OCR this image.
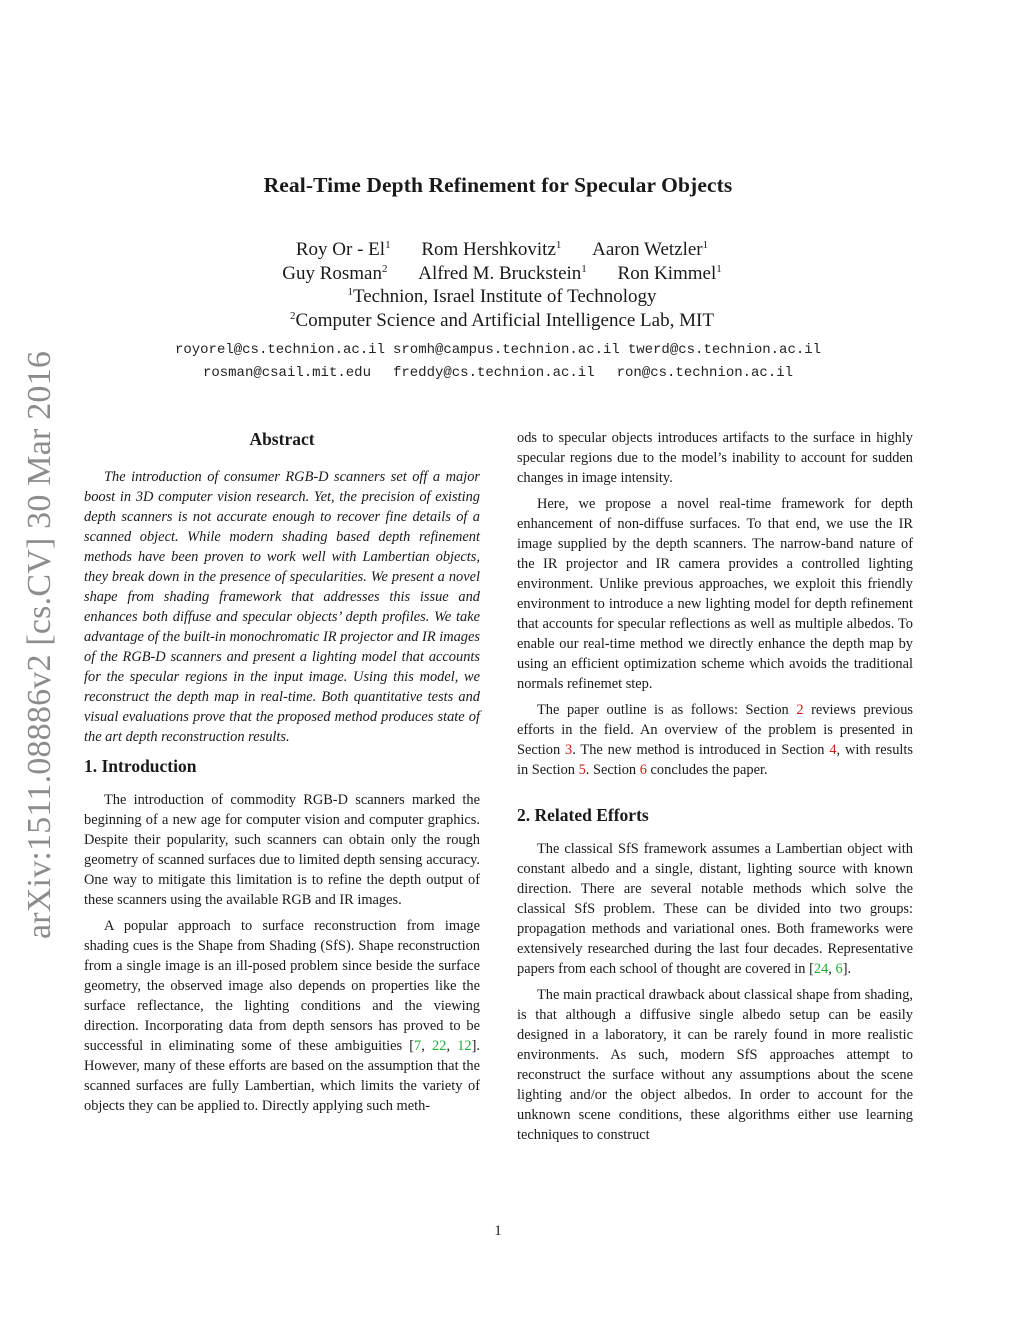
arXiv:1511.08886v2 [cs.CV] 30 Mar 2016
Real-Time Depth Refinement for Specular Objects
Roy Or - El$^1$ Rom Hershkovitz$^1$ Aaron Wetzler$^1$
Guy Rosman$^2$ Alfred M. Bruckstein$^1$ Ron Kimmel$^1$
$^1$Technion, Israel Institute of Technology
$^2$Computer Science and Artificial Intelligence Lab, MIT
royorel@cs.technion.ac.il sromh@campus.technion.ac.il twerd@cs.technion.ac.il
rosman@csail.mit.edu freddy@cs.technion.ac.il ron@cs.technion.ac.il
Abstract

The introduction of consumer RGB-D scanners set off a major boost in 3D computer vision research. Yet, the precision of existing depth scanners is not accurate enough to recover fine details of a scanned object. While modern shading based depth refinement methods have been proven to work well with Lambertian objects, they break down in the presence of specularities. We present a novel shape from shading framework that addresses this issue and enhances both diffuse and specular objects’ depth profiles. We take advantage of the built-in monochromatic IR projector and IR images of the RGB-D scanners and present a lighting model that accounts for the specular regions in the input image. Using this model, we reconstruct the depth map in real-time. Both quantitative tests and visual evaluations prove that the proposed method produces state of the art depth reconstruction results.

1. Introduction

The introduction of commodity RGB-D scanners marked the beginning of a new age for computer vision and computer graphics. Despite their popularity, such scanners can obtain only the rough geometry of scanned surfaces due to limited depth sensing accuracy. One way to mitigate this limitation is to refine the depth output of these scanners using the available RGB and IR images.

A popular approach to surface reconstruction from image shading cues is the Shape from Shading (SfS). Shape reconstruction from a single image is an ill-posed problem since beside the surface geometry, the observed image also depends on properties like the surface reflectance, the lighting conditions and the viewing direction. Incorporating data from depth sensors has proved to be successful in eliminating some of these ambiguities [7, 22, 12]. However, many of these efforts are based on the assumption that the scanned surfaces are fully Lambertian, which limits the variety of objects they can be applied to. Directly applying such meth-

ods to specular objects introduces artifacts to the surface in highly specular regions due to the model’s inability to account for sudden changes in image intensity.

Here, we propose a novel real-time framework for depth enhancement of non-diffuse surfaces. To that end, we use the IR image supplied by the depth scanners. The narrow-band nature of the IR projector and IR camera provides a controlled lighting environment. Unlike previous approaches, we exploit this friendly environment to introduce a new lighting model for depth refinement that accounts for specular reflections as well as multiple albedos. To enable our real-time method we directly enhance the depth map by using an efficient optimization scheme which avoids the traditional normals refinemet step.

The paper outline is as follows: Section 2 reviews previous efforts in the field. An overview of the problem is presented in Section 3. The new method is introduced in Section 4, with results in Section 5. Section 6 concludes the paper.

2. Related Efforts

The classical SfS framework assumes a Lambertian object with constant albedo and a single, distant, lighting source with known direction. There are several notable methods which solve the classical SfS problem. These can be divided into two groups: propagation methods and variational ones. Both frameworks were extensively researched during the last four decades. Representative papers from each school of thought are covered in [24, 6].

The main practical drawback about classical shape from shading, is that although a diffusive single albedo setup can be easily designed in a laboratory, it can be rarely found in more realistic environments. As such, modern SfS approaches attempt to reconstruct the surface without any assumptions about the scene lighting and/or the object albedos. In order to account for the unknown scene conditions, these algorithms either use learning techniques to construct

1
